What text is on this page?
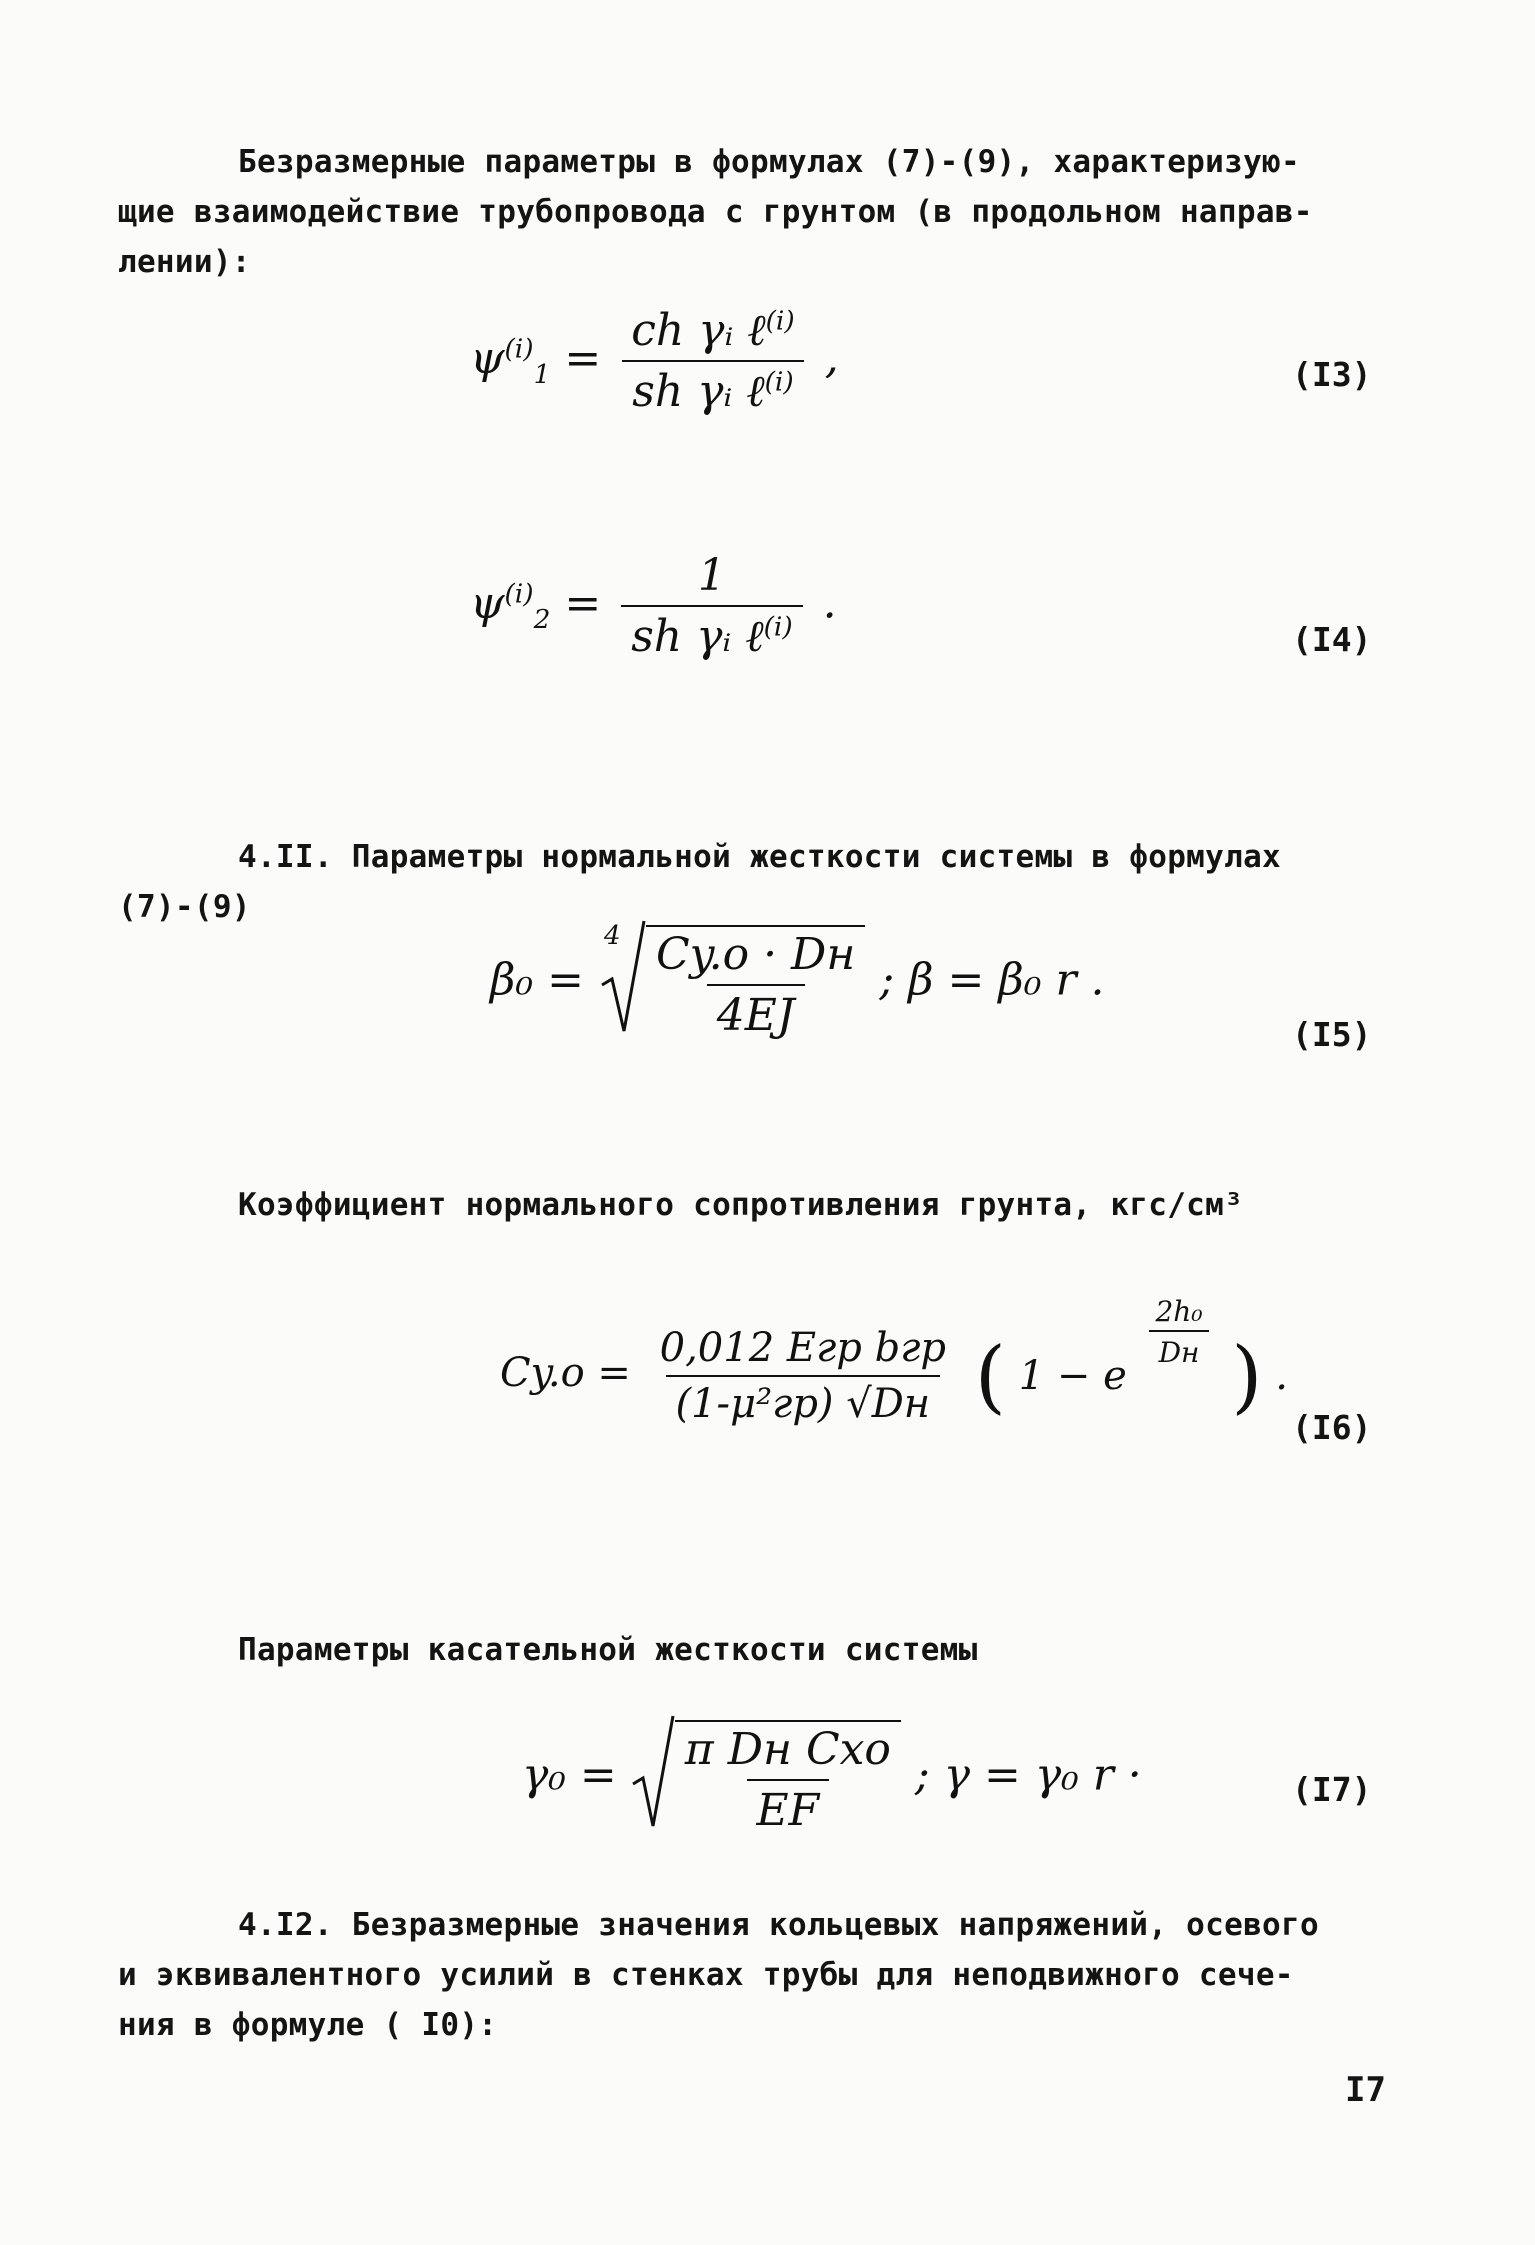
Безразмерные параметры в формулах (7)-(9), характеризую-
щие взаимодействие трубопровода с грунтом (в продольном направ-
лении):
$\psi^{(i)}_1 = \frac{ch \gamma ᵢ \ell^{(i)}}{sh \gamma ᵢ \ell^{(i)}}$ ,	(I3)
$\psi^{(i)}_2 = \frac{1}{sh \gamma ᵢ \ell^{(i)}}$ .
(I4)
4.II. Параметры нормальной жесткости системы в формулах
(7)-(9)
β₀ =
$4 \frac{Cy.o \cdot Dн}{4EJ}$ ; β = β₀ r .
(I5)
Коэффициент нормального сопротивления грунта, кгс/см³
$Cy.o = \frac{\text{0,012 Eгр bгр}}{\text{(1-μ²гр) √Dн}}$ ( 1 − e
$\frac{\text{2h₀}}{Dн}$ ) .
(I6)
Параметры касательной жесткости системы
$\gamma_0 = \frac{\text{π Dн Cxo}}{EF}$ ; γ = γ₀ r ·	(I7)
4.I2. Безразмерные значения кольцевых напряжений, осевого
и эквивалентного усилий в стенках трубы для неподвижного сече-
ния в формуле ( I0):
I7
